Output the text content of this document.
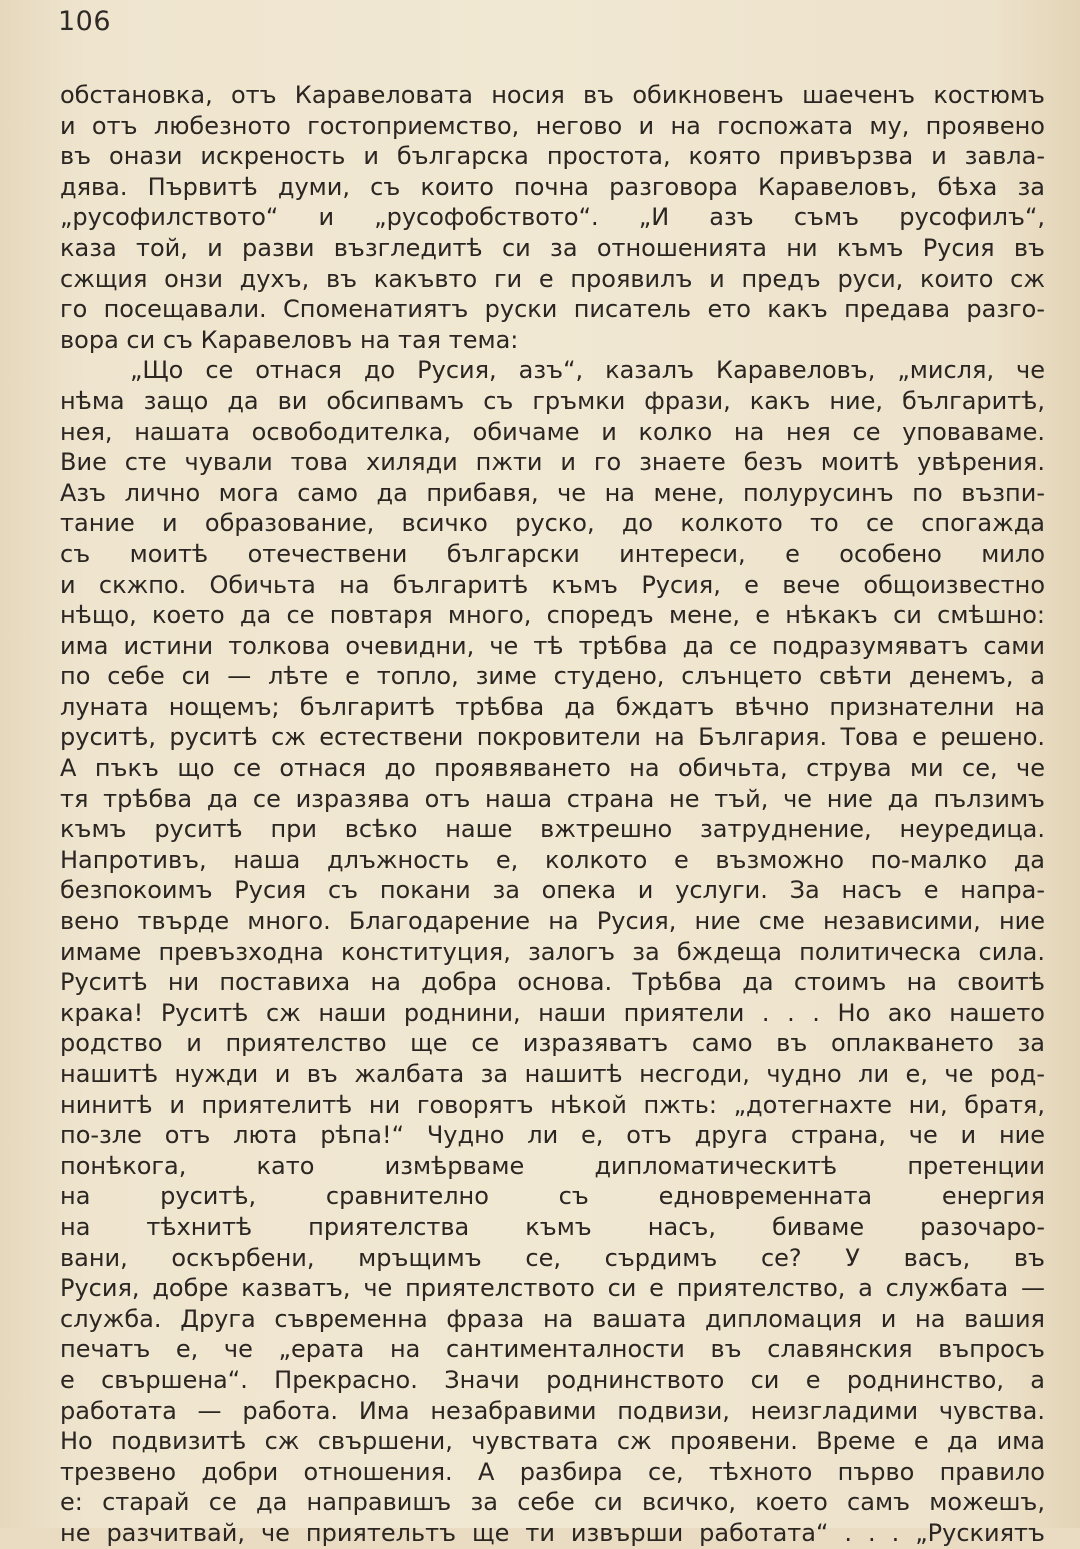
106
обстановка, отъ Каравеловата носия въ обикновенъ шаеченъ костюмъ
и отъ любезното гостоприемство, негово и на госпожата му, проявено
въ онази искреность и българска простота, която привързва и завла-
дява. Първитѣ думи, съ които почна разговора Каравеловъ, бѣха за
„русофилството“ и „русофобството“. „И азъ съмъ русофилъ“,
каза той, и разви възгледитѣ си за отношенията ни къмъ Русия въ
сжщия онзи духъ, въ какъвто ги е проявилъ и предъ руси, които сж
го посещавали. Споменатиятъ руски писатель ето какъ предава разго-
вора си съ Каравеловъ на тая тема:
„Що се отнася до Русия, азъ“, казалъ Каравеловъ, „мисля, че
нѣма защо да ви обсипвамъ съ гръмки фрази, какъ ние, българитѣ,
нея, нашата освободителка, обичаме и колко на нея се уповаваме.
Вие сте чували това хиляди пжти и го знаете безъ моитѣ увѣрения.
Азъ лично мога само да прибавя, че на мене, полурусинъ по възпи-
тание и образование, всичко руско, до колкото то се спогажда
съ моитѣ отечествени български интереси, е особено мило
и скжпо. Обичьта на българитѣ къмъ Русия, е вече общоизвестно
нѣщо, което да се повтаря много, споредъ мене, е нѣкакъ си смѣшно:
има истини толкова очевидни, че тѣ трѣбва да се подразумяватъ сами
по себе си — лѣте е топло, зиме студено, слънцето свѣти денемъ, а
луната нощемъ; българитѣ трѣбва да бждатъ вѣчно признателни на
руситѣ, руситѣ сж естествени покровители на България. Това е решено.
А пъкъ що се отнася до проявяването на обичьта, струва ми се, че
тя трѣбва да се изразява отъ наша страна не тъй, че ние да пълзимъ
къмъ руситѣ при всѣко наше вжтрешно затруднение, неуредица.
Напротивъ, наша длъжность е, колкото е възможно по-малко да
безпокоимъ Русия съ покани за опека и услуги. За насъ е напра-
вено твърде много. Благодарение на Русия, ние сме независими, ние
имаме превъзходна конституция, залогъ за бждеща политическа сила.
Руситѣ ни поставиха на добра основа. Трѣбва да стоимъ на своитѣ
крака! Руситѣ сж наши роднини, наши приятели . . . Но ако нашето
родство и приятелство ще се изразяватъ само въ оплакването за
нашитѣ нужди и въ жалбата за нашитѣ несгоди, чудно ли е, че род-
нинитѣ и приятелитѣ ни говорятъ нѣкой пжть: „дотегнахте ни, братя,
по-зле отъ люта рѣпа!“ Чудно ли е, отъ друга страна, че и ние
понѣкога, като измѣрваме дипломатическитѣ претенции
на руситѣ, сравнително съ едновременната енергия
на тѣхнитѣ приятелства къмъ насъ, биваме разочаро-
вани, оскърбени, мръщимъ се, сърдимъ се? У васъ, въ
Русия, добре казватъ, че приятелството си е приятелство, а службата —
служба. Друга съвременна фраза на вашата дипломация и на вашия
печатъ е, че „ерата на сантименталности въ славянския въпросъ
е свършена“. Прекрасно. Значи роднинството си е роднинство, а
работата — работа. Има незабравими подвизи, неизгладими чувства.
Но подвизитѣ сж свършени, чувствата сж проявени. Време е да има
трезвено добри отношения. А разбира се, тѣхното първо правило
е: старай се да направишъ за себе си всичко, което самъ можешъ,
не разчитвай, че приятельтъ ще ти извърши работата“ . . . „Рускиятъ
